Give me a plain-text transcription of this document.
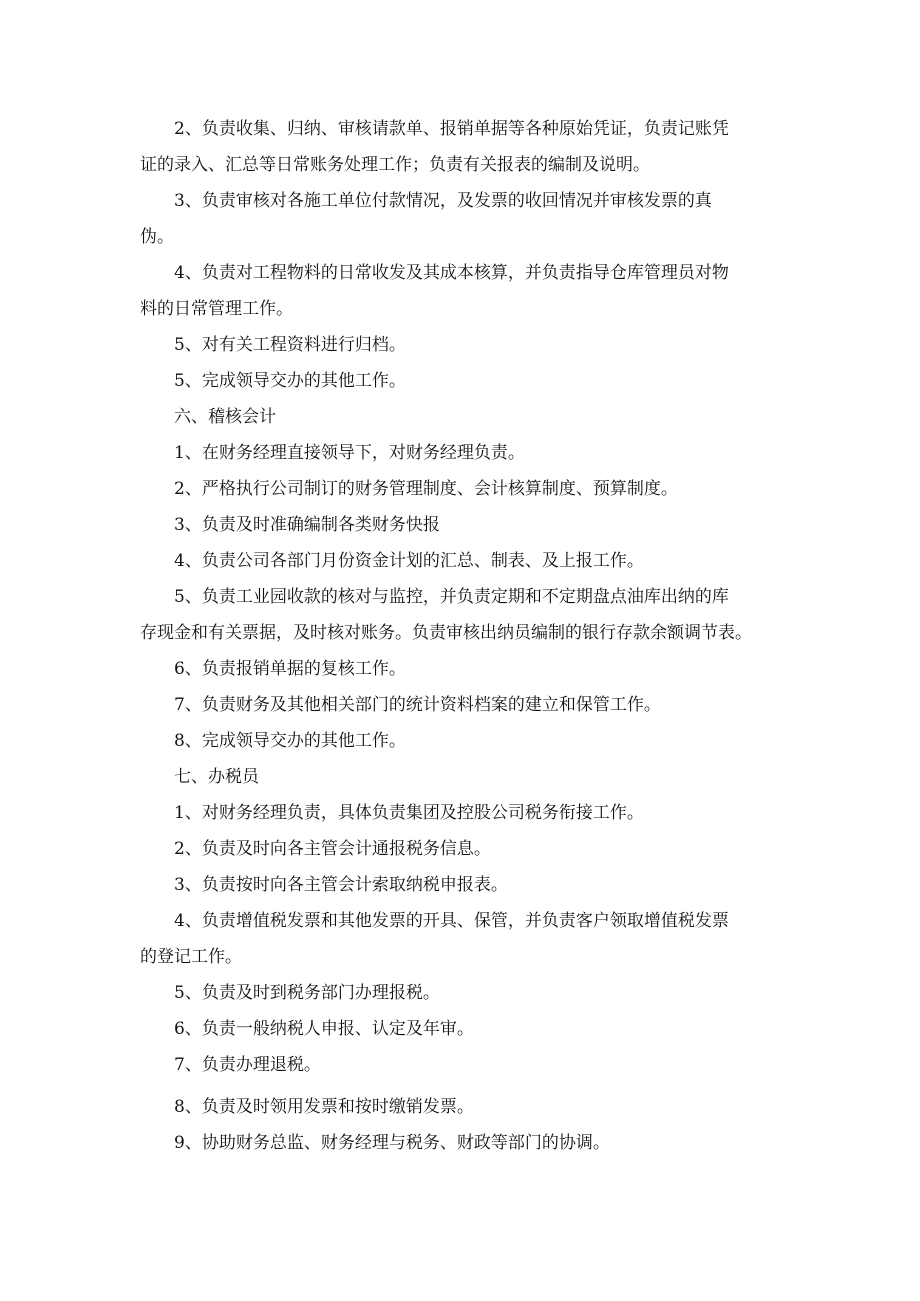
2、负责收集、归纳、审核请款单、报销单据等各种原始凭证，负责记账凭
证的录入、汇总等日常账务处理工作；负责有关报表的编制及说明。

3、负责审核对各施工单位付款情况，及发票的收回情况并审核发票的真
伪。

4、负责对工程物料的日常收发及其成本核算，并负责指导仓库管理员对物
料的日常管理工作。

5、对有关工程资料进行归档。

5、完成领导交办的其他工作。

六、稽核会计

1、在财务经理直接领导下，对财务经理负责。

2、严格执行公司制订的财务管理制度、会计核算制度、预算制度。

3、负责及时准确编制各类财务快报

4、负责公司各部门月份资金计划的汇总、制表、及上报工作。

5、负责工业园收款的核对与监控，并负责定期和不定期盘点油库出纳的库
存现金和有关票据，及时核对账务。负责审核出纳员编制的银行存款余额调节表。

6、负责报销单据的复核工作。

7、负责财务及其他相关部门的统计资料档案的建立和保管工作。

8、完成领导交办的其他工作。

七、办税员

1、对财务经理负责，具体负责集团及控股公司税务衔接工作。

2、负责及时向各主管会计通报税务信息。

3、负责按时向各主管会计索取纳税申报表。

4、负责增值税发票和其他发票的开具、保管，并负责客户领取增值税发票
的登记工作。

5、负责及时到税务部门办理报税。

6、负责一般纳税人申报、认定及年审。

7、负责办理退税。

8、负责及时领用发票和按时缴销发票。

9、协助财务总监、财务经理与税务、财政等部门的协调。
